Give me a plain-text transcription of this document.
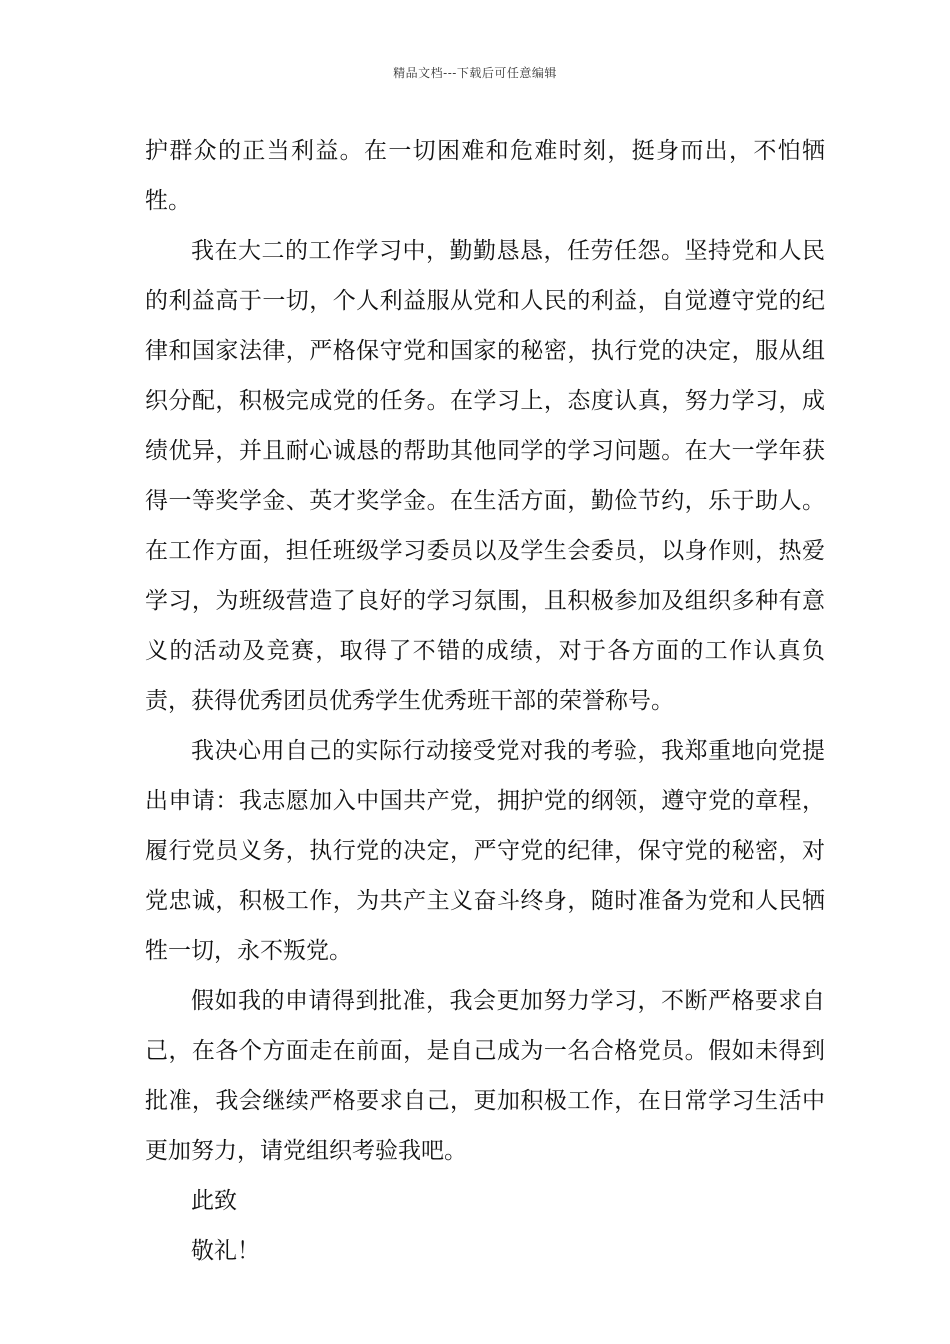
精品文档---下载后可任意编辑

护群众的正当利益。在一切困难和危难时刻，挺身而出，不怕牺牲。

我在大二的工作学习中，勤勤恳恳，任劳任怨。坚持党和人民的利益高于一切，个人利益服从党和人民的利益，自觉遵守党的纪律和国家法律，严格保守党和国家的秘密，执行党的决定，服从组织分配，积极完成党的任务。在学习上，态度认真，努力学习，成绩优异，并且耐心诚恳的帮助其他同学的学习问题。在大一学年获得一等奖学金、英才奖学金。在生活方面，勤俭节约，乐于助人。在工作方面，担任班级学习委员以及学生会委员，以身作则，热爱学习，为班级营造了良好的学习氛围，且积极参加及组织多种有意义的活动及竞赛，取得了不错的成绩，对于各方面的工作认真负责，获得优秀团员优秀学生优秀班干部的荣誉称号。

我决心用自己的实际行动接受党对我的考验，我郑重地向党提出申请：我志愿加入中国共产党，拥护党的纲领，遵守党的章程，履行党员义务，执行党的决定，严守党的纪律，保守党的秘密，对党忠诚，积极工作，为共产主义奋斗终身，随时准备为党和人民牺牲一切，永不叛党。

假如我的申请得到批准，我会更加努力学习，不断严格要求自己，在各个方面走在前面，是自己成为一名合格党员。假如未得到批准，我会继续严格要求自己，更加积极工作，在日常学习生活中更加努力，请党组织考验我吧。

此致

敬礼！
